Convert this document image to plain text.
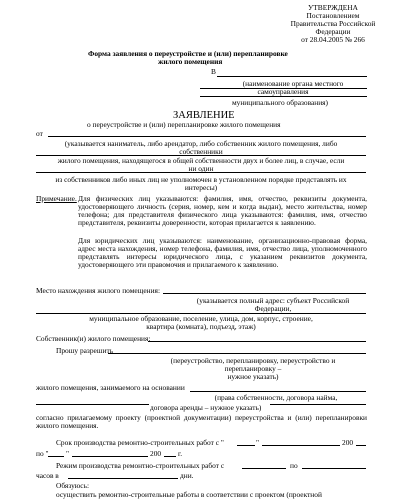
УТВЕРЖДЕНА
Постановлением
Правительства Российской
Федерации
от 28.04.2005 № 266
Форма заявления о переустройстве и (или) перепланировке
жилого помещения
В
(наименование органа местного
самоуправления
муниципального образования)
ЗАЯВЛЕНИЕ
о переустройстве и (или) перепланировке жилого помещения
от
(указывается наниматель, либо арендатор, либо собственник жилого помещения, либо
собственники
жилого помещения, находящегося в общей собственности двух и более лиц, в случае, если
ни один
из собственников либо иных лиц не уполномочен в установленном порядке представлять их
интересы)
Примечание. Для физических лиц указываются: фамилия, имя, отчество, реквизиты документа, удостоверяющего личность (серия, номер, кем и когда выдан), место жительства, номер телефона; для представителя физического лица указываются: фамилия, имя, отчество представителя, реквизиты доверенности, которая прилагается к заявлению.
Для юридических лиц указываются: наименование, организационно-правовая форма, адрес места нахождения, номер телефона, фамилия, имя, отчество лица, уполномоченного представлять интересы юридического лица, с указанием реквизитов документа, удостоверяющего эти правомочия и прилагаемого к заявлению.
Место нахождения жилого помещения:
(указывается полный адрес: субъект Российской
Федерации,
муниципальное образование, поселение, улица, дом, корпус, строение,
квартира (комната), подъезд, этаж)
Собственник(и) жилого помещения:
Прошу разрешить
(переустройство, перепланировку, переустройство и
перепланировку –
нужное указать)
жилого помещения, занимаемого на основании
(права собственности, договора найма,
договора аренды – нужное указать)
согласно прилагаемому проекту (проектной документации) переустройства и (или) перепланировки жилого помещения.
Срок производства ремонтно-строительных работ с "	"	200
по " "	200 г.
Режим производства ремонтно-строительных работ с	по
часов в	дни.
Обязуюсь:
осуществить ремонтно-строительные работы в соответствии с проектом (проектной
